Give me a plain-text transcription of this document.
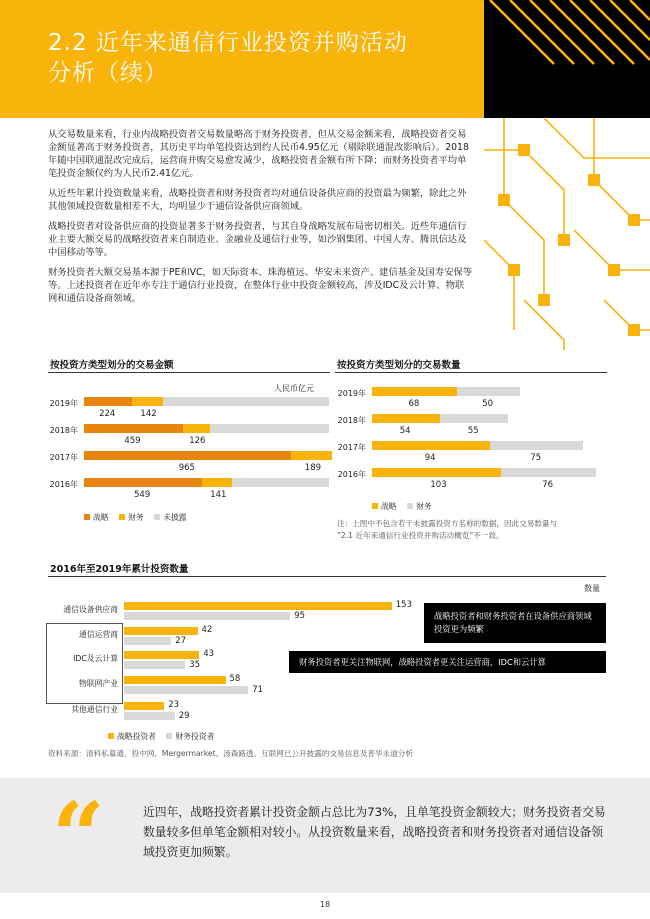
2.2 近年来通信行业投资并购活动
分析（续）

从交易数量来看，行业内战略投资者交易数量略高于财务投资者，但从交易金额来看，战略投资者交易金额显著高于财务投资者，其历史平均单笔投资达到约人民币4.95亿元（剔除联通混改影响后）。2018年随中国联通混改完成后，运营商并购交易愈发减少，战略投资者金额有所下降；而财务投资者平均单笔投资金额仅约为人民币2.41亿元。

从近些年累计投资数量来看，战略投资者和财务投资者均对通信设备供应商的投资最为频繁，除此之外其他领域投资数量相差不大，均明显少于通信设备供应商领域。

战略投资者对设备供应商的投资显著多于财务投资者，与其自身战略发展布局密切相关。近些年通信行业主要大额交易的战略投资者来自制造业、金融业及通信行业等，如沙钢集团、中国人寿、腾讯信达及中国移动等等。

财务投资者大额交易基本源于PE和VC，如天际资本、珠海植远、华安未来资产、建信基金及国寿安保等等。上述投资者在近年亦专注于通信行业投资，在整体行业中投资金额较高，涉及IDC及云计算、物联网和通信设备商领域。

按投资方类型划分的交易金额
人民币亿元
战略 财务 未披露
按投资方类型划分的交易数量
战略 财务
注：上图中不包含若干未披露投资方名称的数据，因此交易数量与
“2.1 近年来通信行业投资并购活动概览”不一致。
2016年至2019年累计投资数量
数量
战略投资者和财务投资者在设备供应商领域投资更为频繁
财务投资者更关注物联网，战略投资者更关注运营商，IDC和云计算
战略投资者 财务投资者
资料来源：清科私募通、投中网、Mergermarket、汤森路透、互联网已公开披露的交易信息及普华永道分析
“	近四年，战略投资者累计投资金额占总比为73%，且单笔投资金额较大；财务投资者交易数量较多但单笔金额相对较小。从投资数量来看，战略投资者和财务投资者对通信设备领域投资更加频繁。
18
2019年
224	142
2018年
459	126
2017年
965	189
2016年
549	141
2019年
68	50
2018年
54	55
2017年
94	75
2016年
103	76
通信设备供应商	153
95
通信运营商	42
27
IDC及云计算	43
35
物联网产业	58
71
其他通信行业	23
29
